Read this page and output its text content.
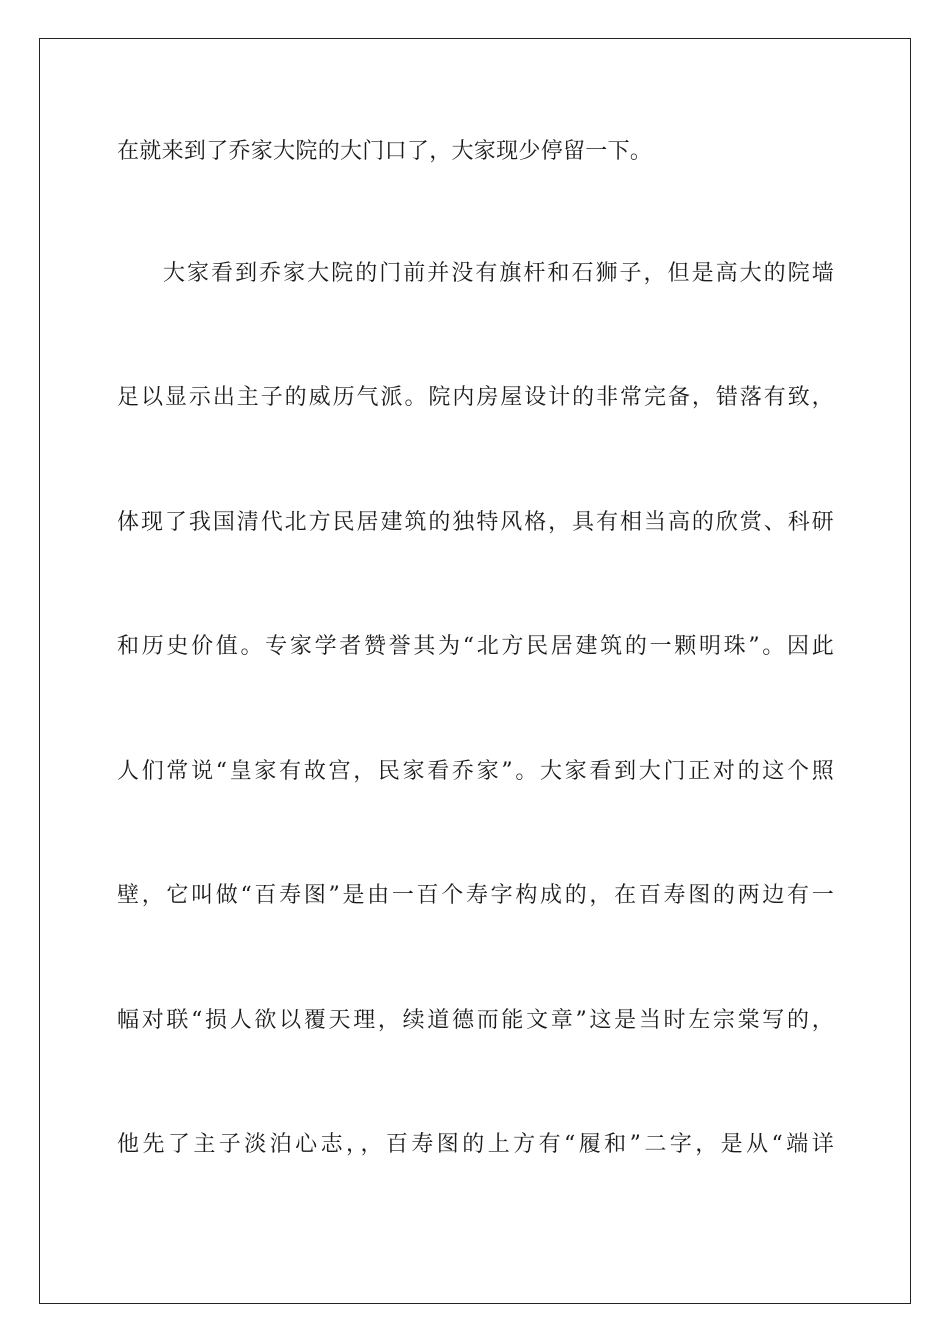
在就来到了乔家大院的大门口了，大家现少停留一下。
大家看到乔家大院的门前并没有旗杆和石狮子，但是高大的院墙
足以显示出主子的威历气派。院内房屋设计的非常完备，错落有致，
体现了我国清代北方民居建筑的独特风格，具有相当高的欣赏、科研
和历史价值。专家学者赞誉其为“北方民居建筑的一颗明珠”。因此
人们常说“皇家有故宫，民家看乔家”。大家看到大门正对的这个照
壁，它叫做“百寿图”是由一百个寿字构成的，在百寿图的两边有一
幅对联“损人欲以覆天理，续道德而能文章”这是当时左宗棠写的，
他先了主子淡泊心志，，百寿图的上方有“履和”二字，是从“端详
